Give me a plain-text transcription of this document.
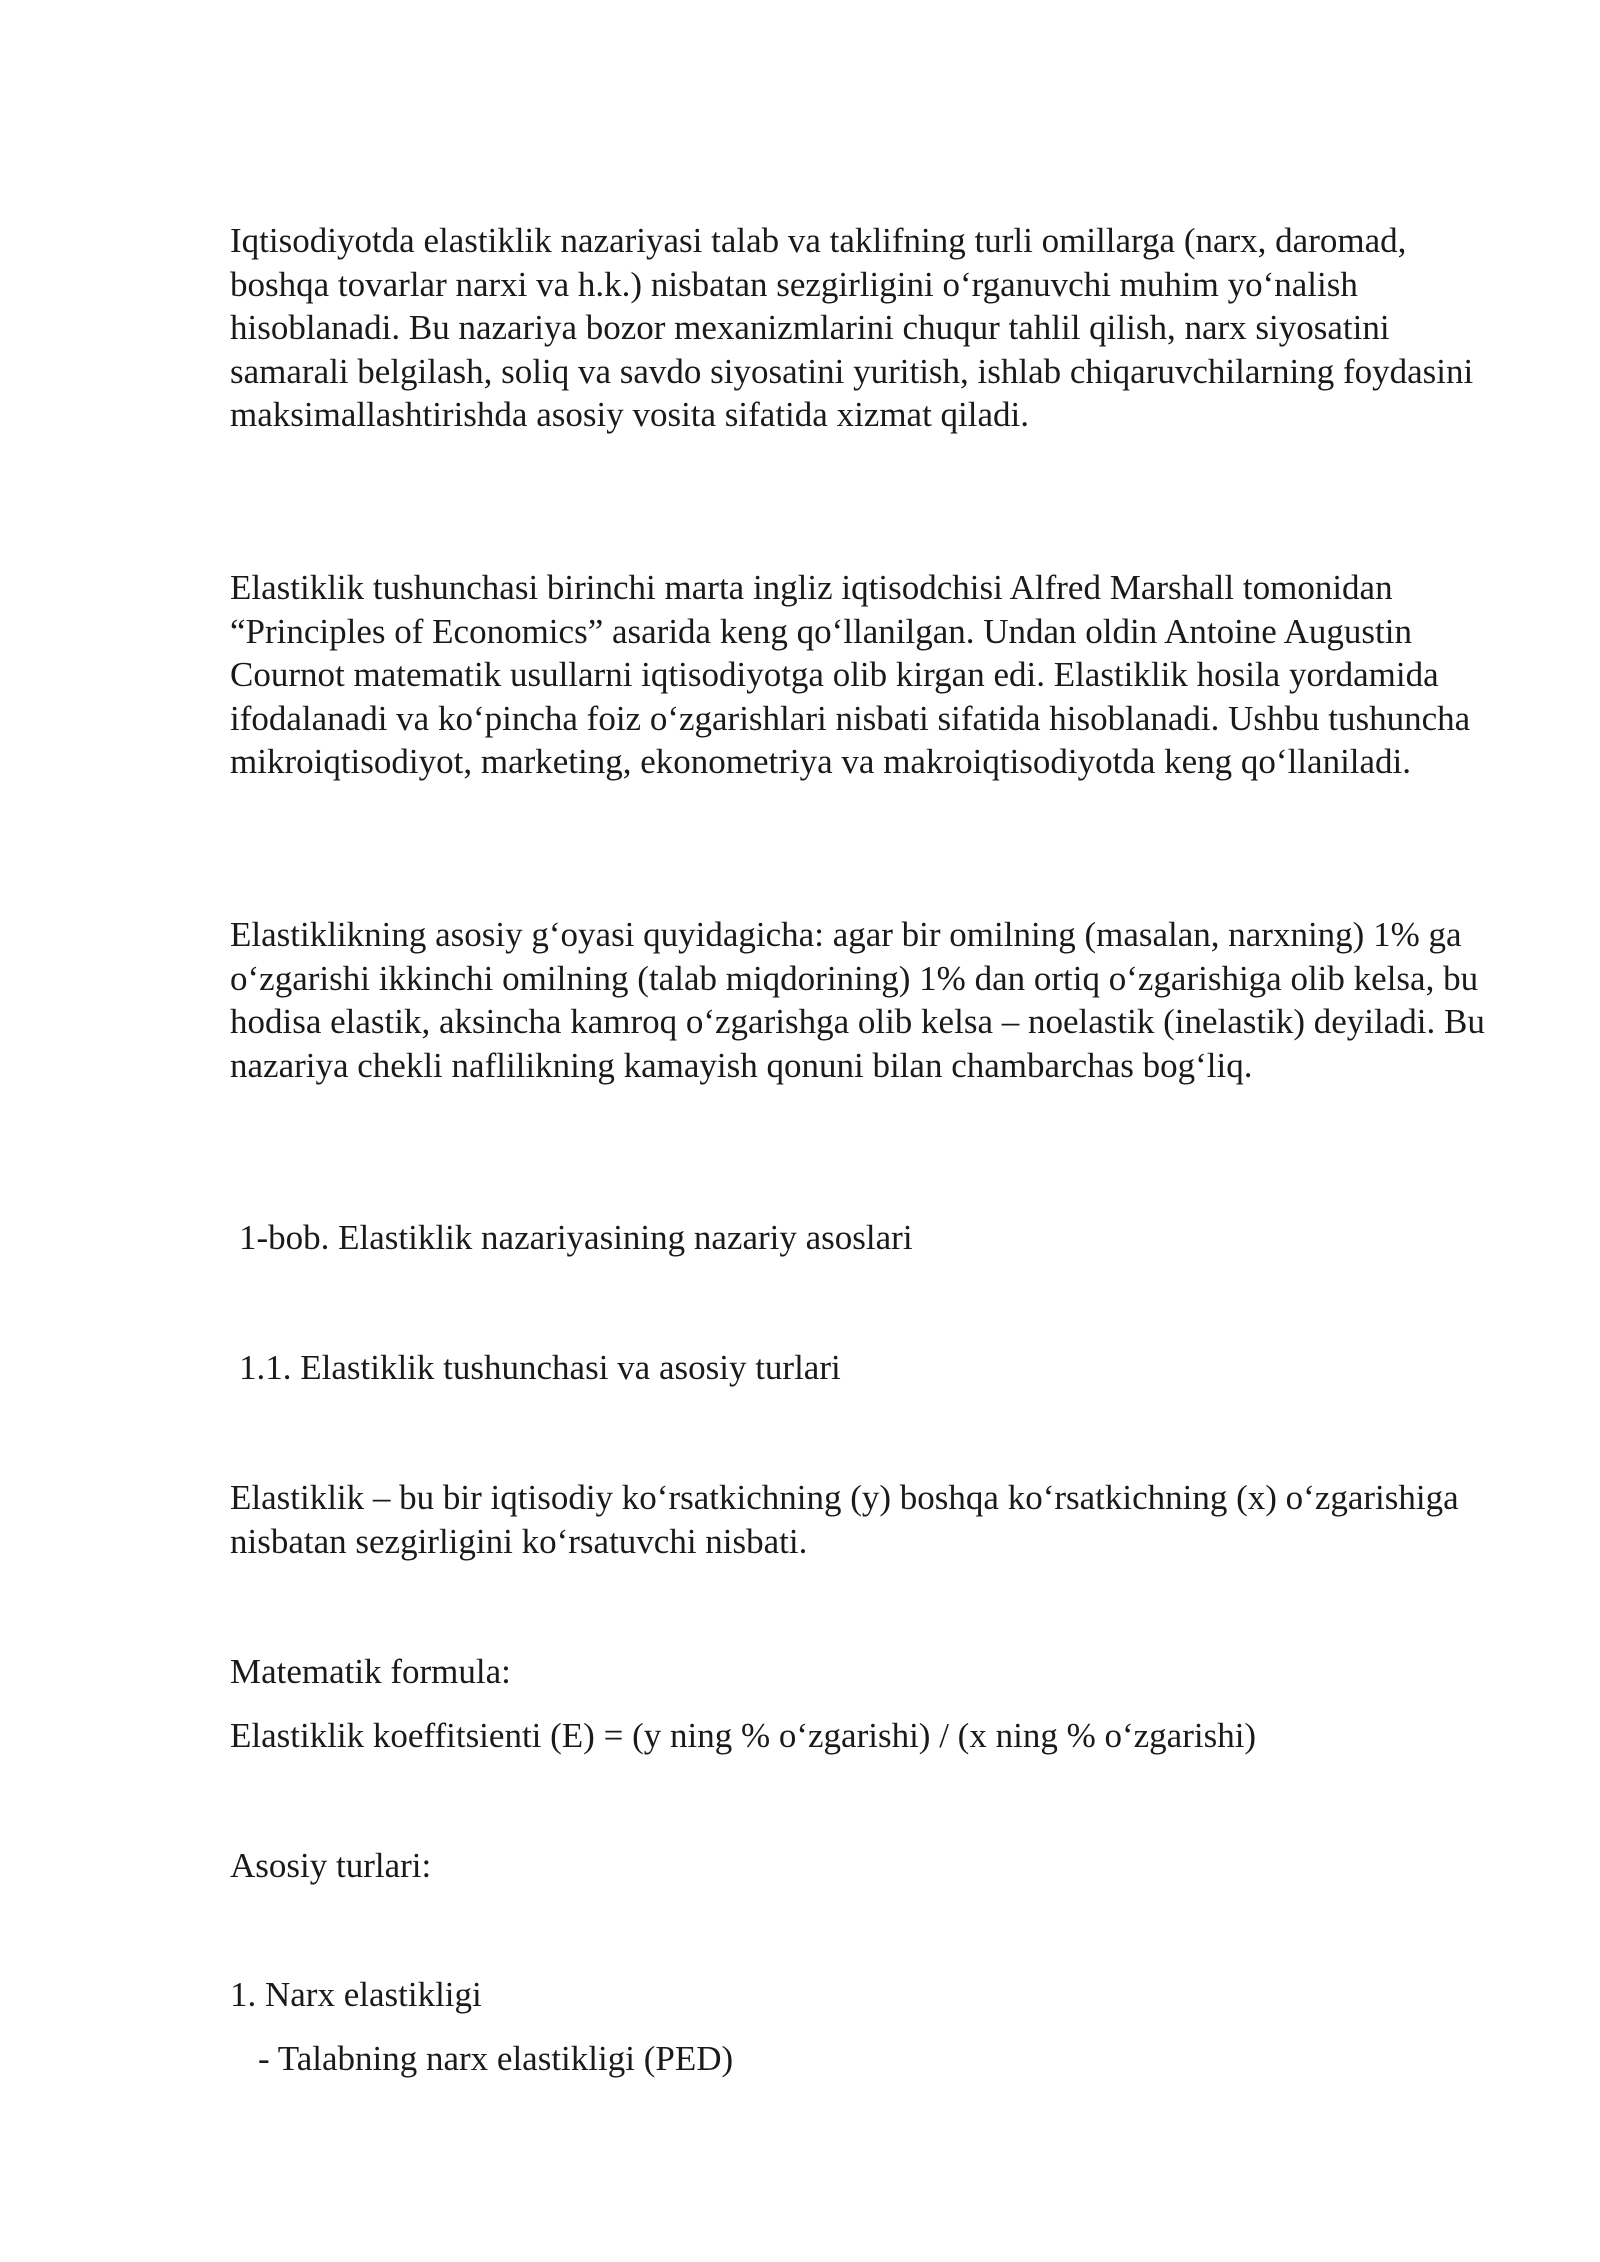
Iqtisodiyotda elastiklik nazariyasi talab va taklifning turli omillarga (narx, daromad, boshqa tovarlar narxi va h.k.) nisbatan sezgirligini o‘rganuvchi muhim yo‘nalish hisoblanadi. Bu nazariya bozor mexanizmlarini chuqur tahlil qilish, narx siyosatini samarali belgilash, soliq va savdo siyosatini yuritish, ishlab chiqaruvchilarning foydasini maksimallashtirishda asosiy vosita sifatida xizmat qiladi.

Elastiklik tushunchasi birinchi marta ingliz iqtisodchisi Alfred Marshall tomonidan “Principles of Economics” asarida keng qo‘llanilgan. Undan oldin Antoine Augustin Cournot matematik usullarni iqtisodiyotga olib kirgan edi. Elastiklik hosila yordamida ifodalanadi va ko‘pincha foiz o‘zgarishlari nisbati sifatida hisoblanadi. Ushbu tushuncha mikroiqtisodiyot, marketing, ekonometriya va makroiqtisodiyotda keng qo‘llaniladi.

Elastiklikning asosiy g‘oyasi quyidagicha: agar bir omilning (masalan, narxning) 1% ga o‘zgarishi ikkinchi omilning (talab miqdorining) 1% dan ortiq o‘zgarishiga olib kelsa, bu hodisa elastik, aksincha kamroq o‘zgarishga olib kelsa – noelastik (inelastik) deyiladi. Bu nazariya chekli naflilikning kamayish qonuni bilan chambarchas bog‘liq.

1-bob. Elastiklik nazariyasining nazariy asoslari

1.1. Elastiklik tushunchasi va asosiy turlari

Elastiklik – bu bir iqtisodiy ko‘rsatkichning (y) boshqa ko‘rsatkichning (x) o‘zgarishiga nisbatan sezgirligini ko‘rsatuvchi nisbati.

Matematik formula:

Elastiklik koeffitsienti (E) = (y ning % o‘zgarishi) / (x ning % o‘zgarishi)

Asosiy turlari:

1. Narx elastikligi

- Talabning narx elastikligi (PED)
